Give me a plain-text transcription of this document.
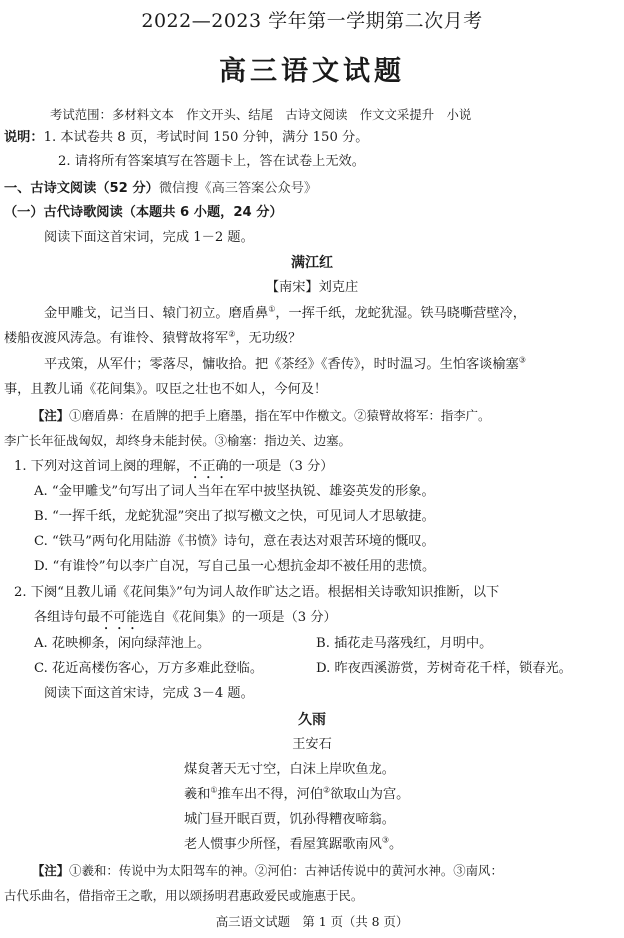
2022—2023 学年第一学期第二次月考
高三语文试题
考试范围：多材料文本　作文开头、结尾　古诗文阅读　作文文采提升　小说
说明：1. 本试卷共 8 页，考试时间 150 分钟，满分 150 分。
2. 请将所有答案填写在答题卡上，答在试卷上无效。
一、古诗文阅读（52 分）微信搜《高三答案公众号》
（一）古代诗歌阅读（本题共 6 小题，24 分）
阅读下面这首宋词，完成 1－2 题。
满江红
【南宋】刘克庄
金甲雕戈，记当日、辕门初立。磨盾鼻①，一挥千纸，龙蛇犹湿。铁马晓嘶营壁冷，
楼船夜渡风涛急。有谁怜、猿臂故将军②，无功级？
平戎策，从军什；零落尽，慵收拾。把《茶经》《香传》，时时温习。生怕客谈榆塞③
事，且教儿诵《花间集》。叹臣之壮也不如人，今何及！
【注】①磨盾鼻：在盾牌的把手上磨墨，指在军中作檄文。②猿臂故将军：指李广。
李广长年征战匈奴，却终身未能封侯。③榆塞：指边关、边塞。
1. 下列对这首词上阕的理解，不正确的一项是（3 分）
A. “金甲雕戈”句写出了词人当年在军中披坚执锐、雄姿英发的形象。
B. “一挥千纸，龙蛇犹湿”突出了拟写檄文之快，可见词人才思敏捷。
C. “铁马”两句化用陆游《书愤》诗句，意在表达对艰苦环境的慨叹。
D. “有谁怜”句以李广自况，写自己虽一心想抗金却不被任用的悲愤。
2. 下阕“且教儿诵《花间集》”句为词人故作旷达之语。根据相关诗歌知识推断，以下
各组诗句最不可能选自《花间集》的一项是（3 分）
A. 花映柳条，闲向绿萍池上。	B. 插花走马落残红，月明中。
C. 花近高楼伤客心，万方多难此登临。	D. 昨夜西溪游赏，芳树奇花千样，锁春光。
阅读下面这首宋诗，完成 3－4 题。
久雨
王安石
煤炱著天无寸空，白沫上岸吹鱼龙。
羲和①推车出不得，河伯②欲取山为宫。
城门昼开眠百贾，饥孙得糟夜啼翁。
老人惯事少所怪，看屋箕踞歌南风③。
【注】①羲和：传说中为太阳驾车的神。②河伯：古神话传说中的黄河水神。③南风：
古代乐曲名，借指帝王之歌，用以颂扬明君惠政爱民或施惠于民。
高三语文试题　第 1 页（共 8 页）
